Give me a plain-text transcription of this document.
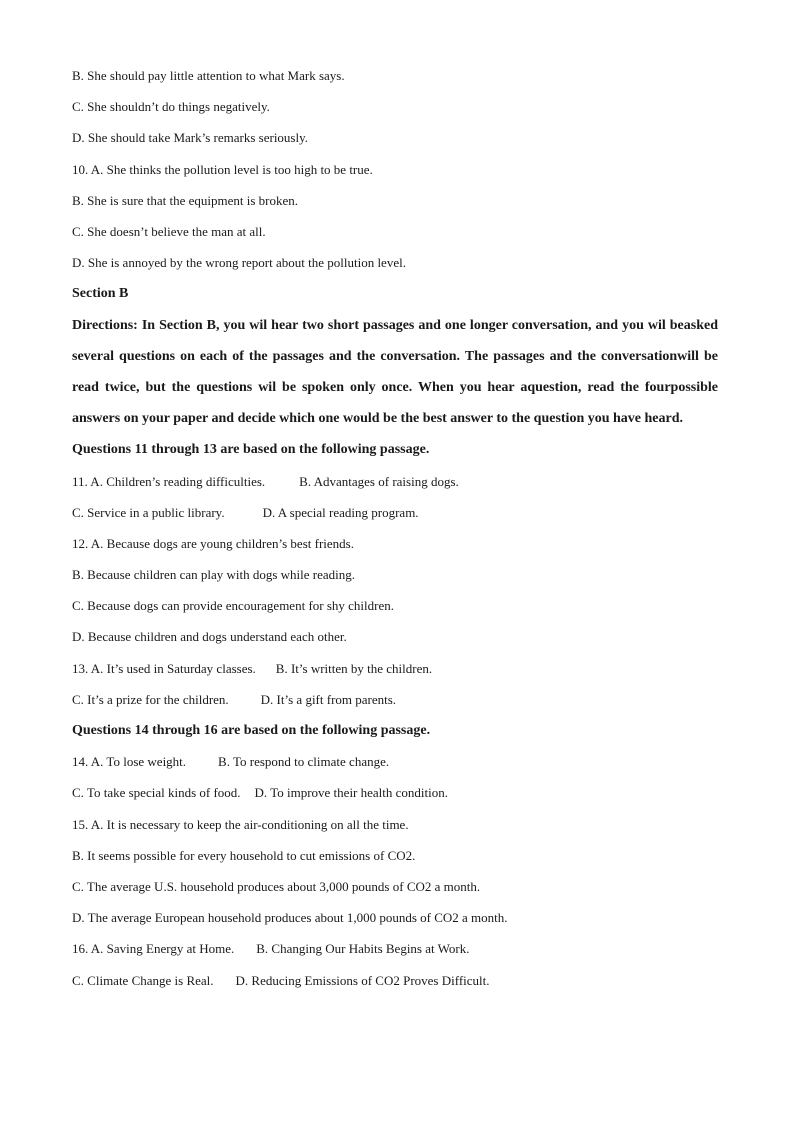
B. She should pay little attention to what Mark says.
C. She shouldn’t do things negatively.
D. She should take Mark’s remarks seriously.
10. A. She thinks the pollution level is too high to be true.
B. She is sure that the equipment is broken.
C. She doesn’t believe the man at all.
D. She is annoyed by the wrong report about the pollution level.
Section B
Directions: In Section B, you wil hear two short passages and one longer conversation, and you wil beasked several questions on each of the passages and the conversation. The passages and the conversationwill be read twice, but the questions wil be spoken only once. When you hear aquestion, read the fourpossible answers on your paper and decide which one would be the best answer to the question you have heard.
Questions 11 through 13 are based on the following passage.
11. A. Children’s reading difficulties.	B. Advantages of raising dogs.
C. Service in a public library.	D. A special reading program.
12. A. Because dogs are young children’s best friends.
B. Because children can play with dogs while reading.
C. Because dogs can provide encouragement for shy children.
D. Because children and dogs understand each other.
13. A. It’s used in Saturday classes. B. It’s written by the children.
C. It’s a prize for the children. D. It’s a gift from parents.
Questions 14 through 16 are based on the following passage.
14. A. To lose weight. B. To respond to climate change.
C. To take special kinds of food. D. To improve their health condition.
15. A. It is necessary to keep the air-conditioning on all the time.
B. It seems possible for every household to cut emissions of CO2.
C. The average U.S. household produces about 3,000 pounds of CO2 a month.
D. The average European household produces about 1,000 pounds of CO2 a month.
16. A. Saving Energy at Home. B. Changing Our Habits Begins at Work.
C. Climate Change is Real. D. Reducing Emissions of CO2 Proves Difficult.
